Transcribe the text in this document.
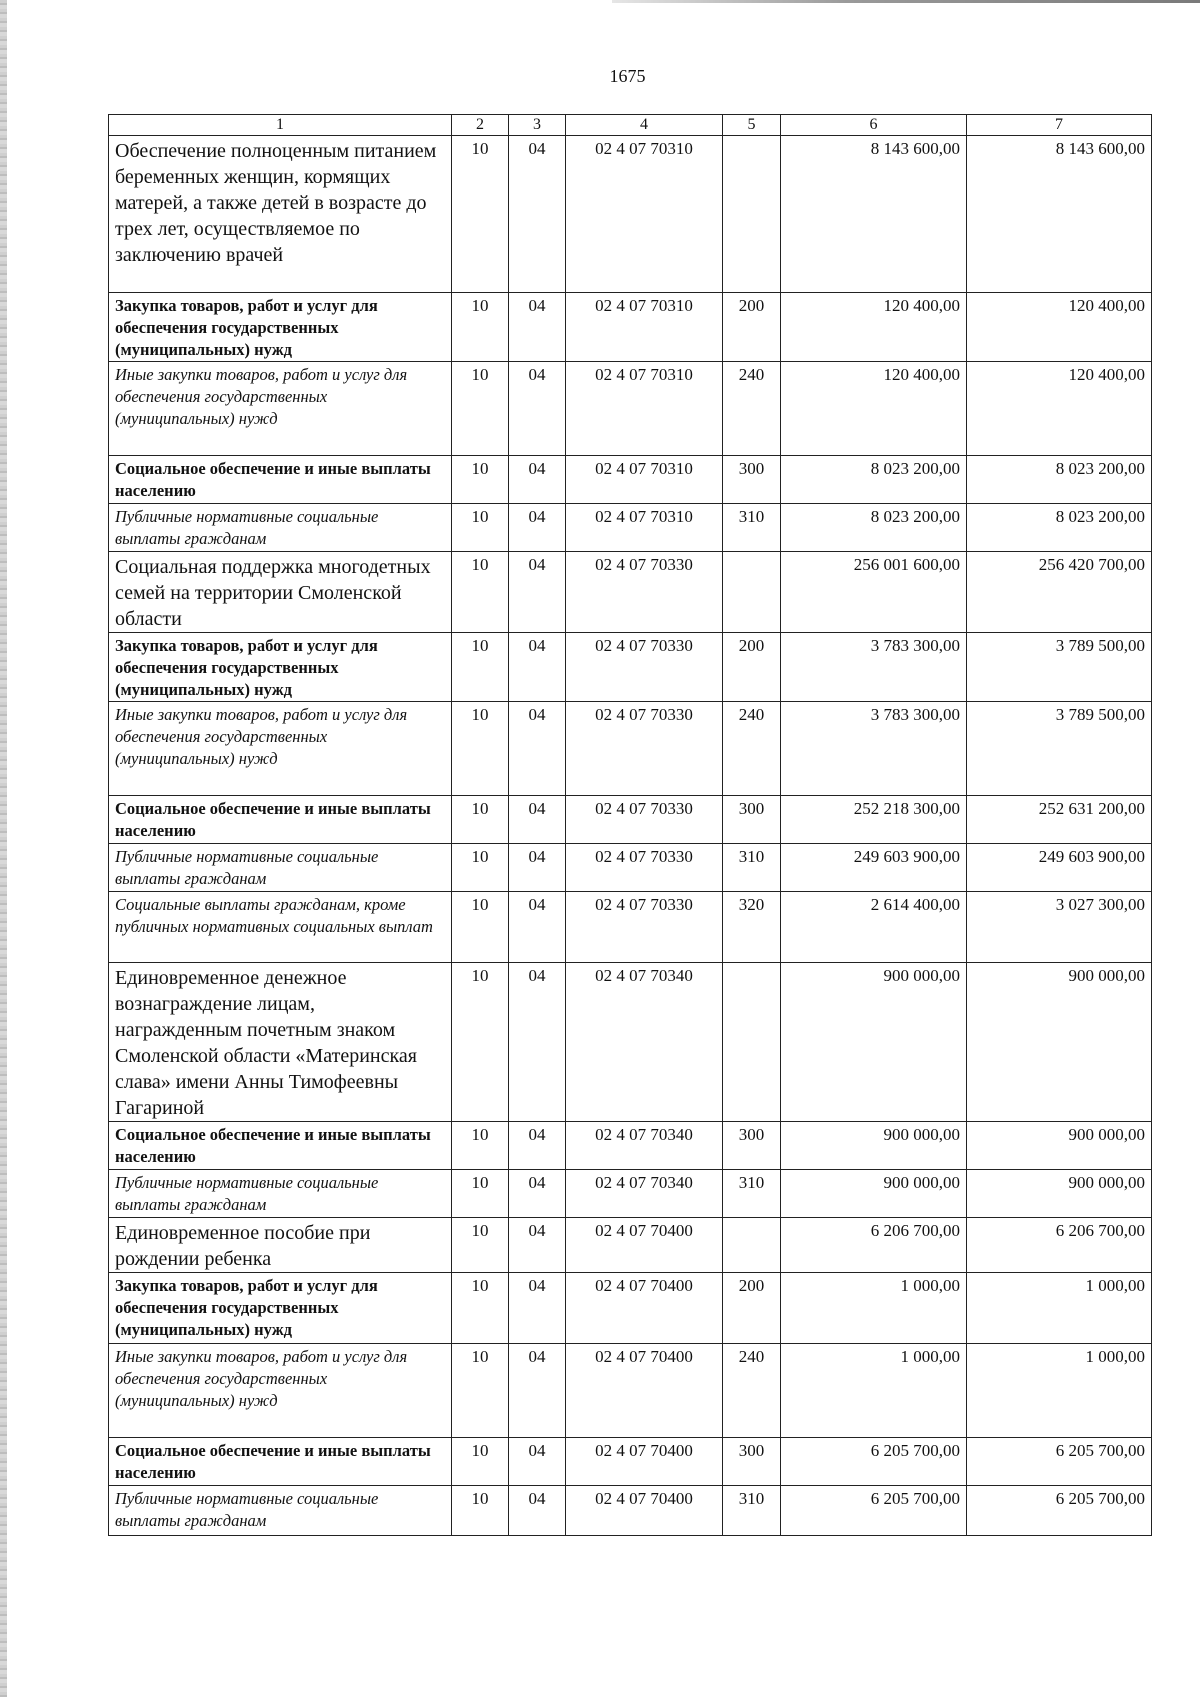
1675
1	2	3	4	5	6	7
Обеспечение полноценным питанием беременных женщин, кормящих матерей, а также детей в возрасте до трех лет, осуществляемое по заключению врачей	10	04	02 4 07 70310		8 143 600,00	8 143 600,00
Закупка товаров, работ и услуг для обеспечения государственных (муниципальных) нужд	10	04	02 4 07 70310	200	120 400,00	120 400,00
Иные закупки товаров, работ и услуг для обеспечения государственных (муниципальных) нужд	10	04	02 4 07 70310	240	120 400,00	120 400,00
Социальное обеспечение и иные выплаты населению	10	04	02 4 07 70310	300	8 023 200,00	8 023 200,00
Публичные нормативные социальные выплаты гражданам	10	04	02 4 07 70310	310	8 023 200,00	8 023 200,00
Социальная поддержка многодетных семей на территории Смоленской области	10	04	02 4 07 70330		256 001 600,00	256 420 700,00
Закупка товаров, работ и услуг для обеспечения государственных (муниципальных) нужд	10	04	02 4 07 70330	200	3 783 300,00	3 789 500,00
Иные закупки товаров, работ и услуг для обеспечения государственных (муниципальных) нужд	10	04	02 4 07 70330	240	3 783 300,00	3 789 500,00
Социальное обеспечение и иные выплаты населению	10	04	02 4 07 70330	300	252 218 300,00	252 631 200,00
Публичные нормативные социальные выплаты гражданам	10	04	02 4 07 70330	310	249 603 900,00	249 603 900,00
Социальные выплаты гражданам, кроме публичных нормативных социальных выплат	10	04	02 4 07 70330	320	2 614 400,00	3 027 300,00
Единовременное денежное вознаграждение лицам, награжденным почетным знаком Смоленской области «Материнская слава» имени Анны Тимофеевны Гагариной	10	04	02 4 07 70340		900 000,00	900 000,00
Социальное обеспечение и иные выплаты населению	10	04	02 4 07 70340	300	900 000,00	900 000,00
Публичные нормативные социальные выплаты гражданам	10	04	02 4 07 70340	310	900 000,00	900 000,00
Единовременное пособие при рождении ребенка	10	04	02 4 07 70400		6 206 700,00	6 206 700,00
Закупка товаров, работ и услуг для обеспечения государственных (муниципальных) нужд	10	04	02 4 07 70400	200	1 000,00	1 000,00
Иные закупки товаров, работ и услуг для обеспечения государственных (муниципальных) нужд	10	04	02 4 07 70400	240	1 000,00	1 000,00
Социальное обеспечение и иные выплаты населению	10	04	02 4 07 70400	300	6 205 700,00	6 205 700,00
Публичные нормативные социальные выплаты гражданам	10	04	02 4 07 70400	310	6 205 700,00	6 205 700,00
